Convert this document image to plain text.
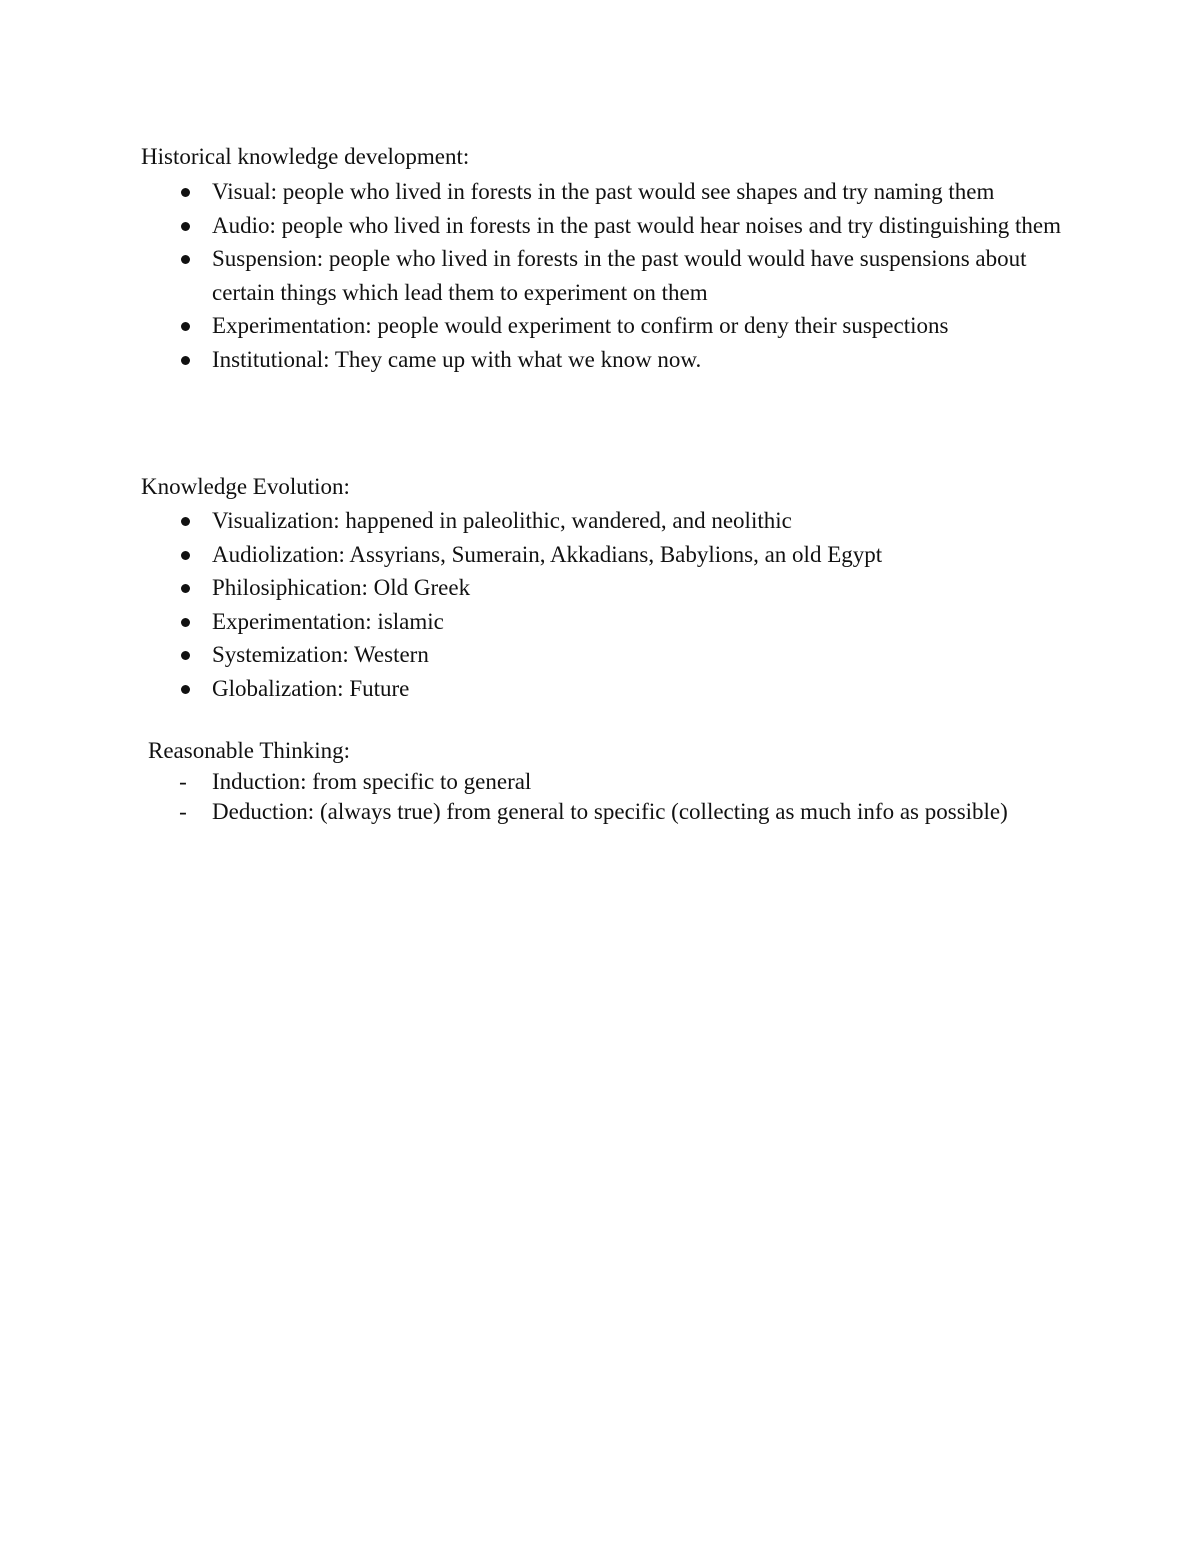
Historical knowledge development:
Visual: people who lived in forests in the past would see shapes and try naming them
Audio: people who lived in forests in the past would hear noises and try distinguishing them
Suspension: people who lived in forests in the past would would have suspensions about certain things which lead them to experiment on them
Experimentation: people would experiment to confirm or deny their suspections
Institutional: They came up with what we know now.
Knowledge Evolution:
Visualization: happened in paleolithic, wandered, and neolithic
Audiolization: Assyrians, Sumerain, Akkadians, Babylions, an old Egypt
Philosiphication: Old Greek
Experimentation: islamic
Systemization: Western
Globalization: Future
Reasonable Thinking:
- Induction: from specific to general
- Deduction: (always true) from general to specific (collecting as much info as possible)
